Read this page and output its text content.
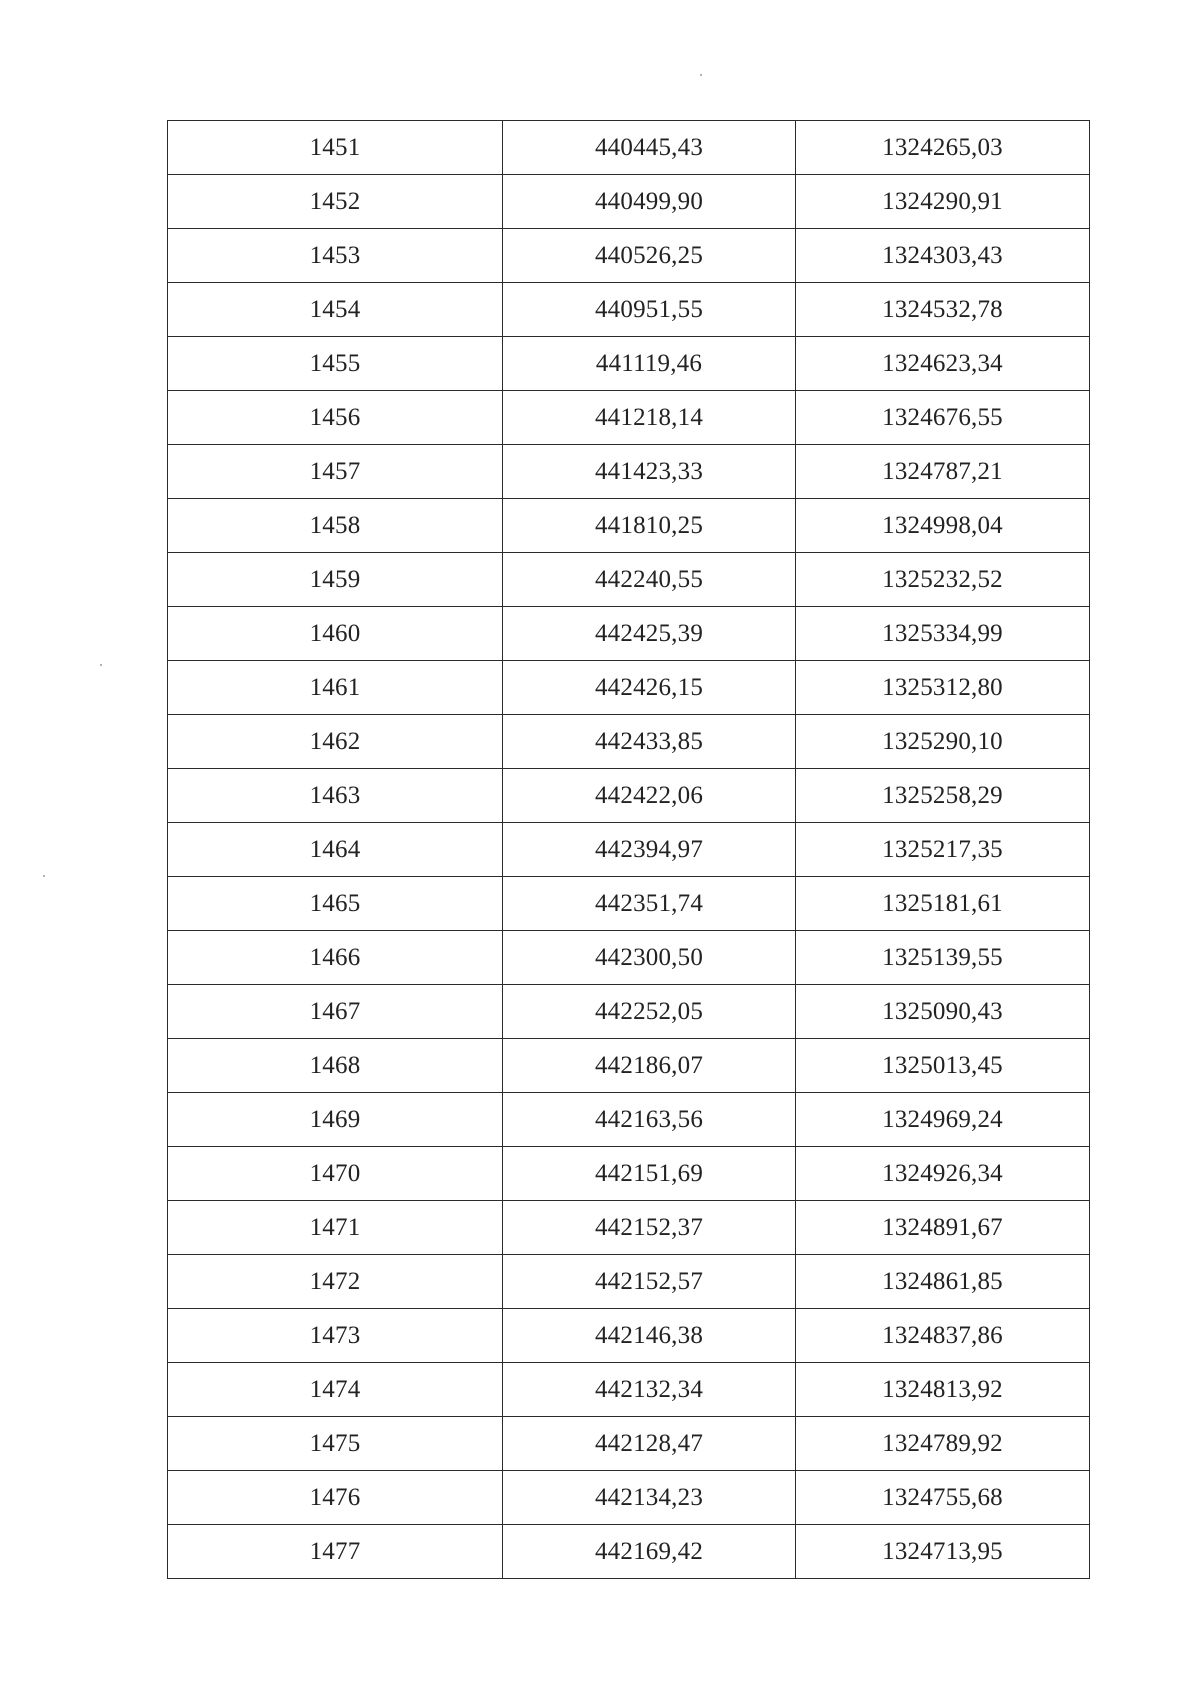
1451	440445,43	1324265,03
1452	440499,90	1324290,91
1453	440526,25	1324303,43
1454	440951,55	1324532,78
1455	441119,46	1324623,34
1456	441218,14	1324676,55
1457	441423,33	1324787,21
1458	441810,25	1324998,04
1459	442240,55	1325232,52
1460	442425,39	1325334,99
1461	442426,15	1325312,80
1462	442433,85	1325290,10
1463	442422,06	1325258,29
1464	442394,97	1325217,35
1465	442351,74	1325181,61
1466	442300,50	1325139,55
1467	442252,05	1325090,43
1468	442186,07	1325013,45
1469	442163,56	1324969,24
1470	442151,69	1324926,34
1471	442152,37	1324891,67
1472	442152,57	1324861,85
1473	442146,38	1324837,86
1474	442132,34	1324813,92
1475	442128,47	1324789,92
1476	442134,23	1324755,68
1477	442169,42	1324713,95
